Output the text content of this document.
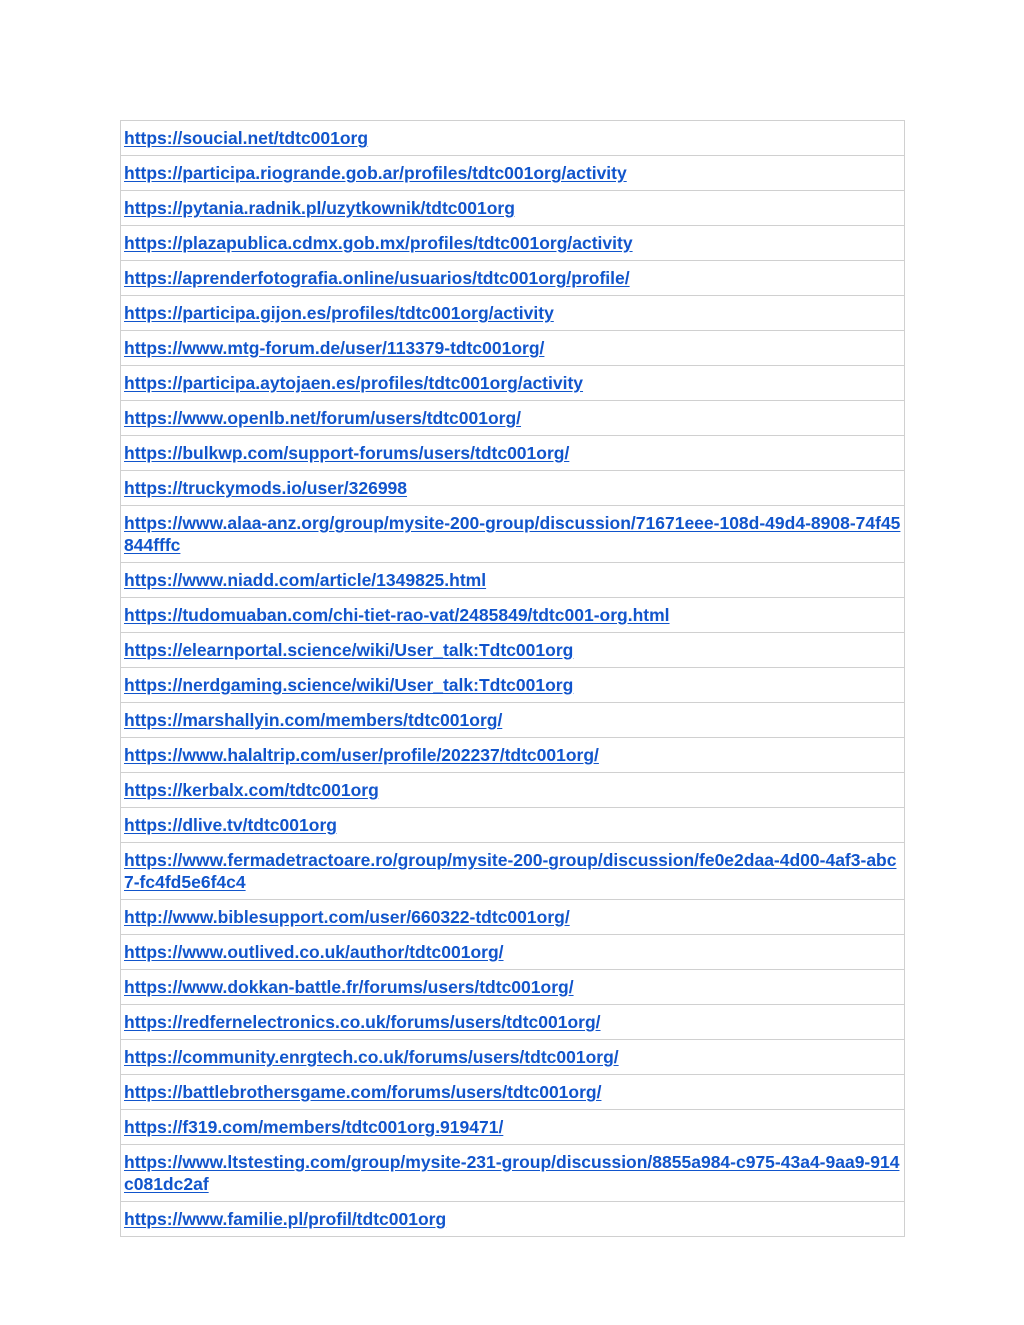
https://soucial.net/tdtc001org
https://participa.riogrande.gob.ar/profiles/tdtc001org/activity
https://pytania.radnik.pl/uzytkownik/tdtc001org
https://plazapublica.cdmx.gob.mx/profiles/tdtc001org/activity
https://aprenderfotografia.online/usuarios/tdtc001org/profile/
https://participa.gijon.es/profiles/tdtc001org/activity
https://www.mtg-forum.de/user/113379-tdtc001org/
https://participa.aytojaen.es/profiles/tdtc001org/activity
https://www.openlb.net/forum/users/tdtc001org/
https://bulkwp.com/support-forums/users/tdtc001org/
https://truckymods.io/user/326998
https://www.alaa-anz.org/group/mysite-200-group/discussion/71671eee-108d-49d4-8908-74f45844fffc
https://www.niadd.com/article/1349825.html
https://tudomuaban.com/chi-tiet-rao-vat/2485849/tdtc001-org.html
https://elearnportal.science/wiki/User_talk:Tdtc001org
https://nerdgaming.science/wiki/User_talk:Tdtc001org
https://marshallyin.com/members/tdtc001org/
https://www.halaltrip.com/user/profile/202237/tdtc001org/
https://kerbalx.com/tdtc001org
https://dlive.tv/tdtc001org
https://www.fermadetractoare.ro/group/mysite-200-group/discussion/fe0e2daa-4d00-4af3-abc7-fc4fd5e6f4c4
http://www.biblesupport.com/user/660322-tdtc001org/
https://www.outlived.co.uk/author/tdtc001org/
https://www.dokkan-battle.fr/forums/users/tdtc001org/
https://redfernelectronics.co.uk/forums/users/tdtc001org/
https://community.enrgtech.co.uk/forums/users/tdtc001org/
https://battlebrothersgame.com/forums/users/tdtc001org/
https://f319.com/members/tdtc001org.919471/
https://www.ltstesting.com/group/mysite-231-group/discussion/8855a984-c975-43a4-9aa9-914c081dc2af
https://www.familie.pl/profil/tdtc001org
